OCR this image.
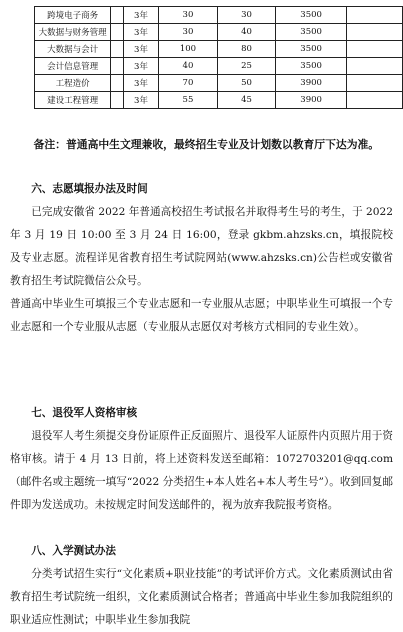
跨境电子商务		3年	30	30	3500	
大数据与财务管理		3年	30	40	3500	
大数据与会计		3年	100	80	3500	
会计信息管理		3年	40	25	3500	
工程造价		3年	70	50	3900	
建设工程管理		3年	55	45	3900	
备注：普通高中生文理兼收，最终招生专业及计划数以教育厅下达为准。

六、志愿填报办法及时间

已完成安徽省 2022 年普通高校招生考试报名并取得考生号的考生，于 2022 年 3 月 19 日 10:00 至 3 月 24 日 16:00，登录 gkbm.ahzsks.cn，填报院校及专业志愿。流程详见省教育招生考试院网站(www.ahzsks.cn)公告栏或安徽省教育招生考试院微信公众号。

普通高中毕业生可填报三个专业志愿和一专业服从志愿；中职毕业生可填报一个专业志愿和一个专业服从志愿（专业服从志愿仅对考核方式相同的专业生效）。

七、退役军人资格审核

退役军人考生须提交身份证原件正反面照片、退役军人证原件内页照片用于资格审核。请于 4 月 13 日前，将上述资料发送至邮箱：1072703201@qq.com（邮件名或主题统一填写“2022 分类招生+本人姓名+本人考生号”）。收到回复邮件即为发送成功。未按规定时间发送邮件的，视为放弃我院报考资格。

八、入学测试办法

分类考试招生实行“文化素质+职业技能”的考试评价方式。文化素质测试由省教育招生考试院统一组织，文化素质测试合格者；普通高中毕业生参加我院组织的职业适应性测试；中职毕业生参加我院
